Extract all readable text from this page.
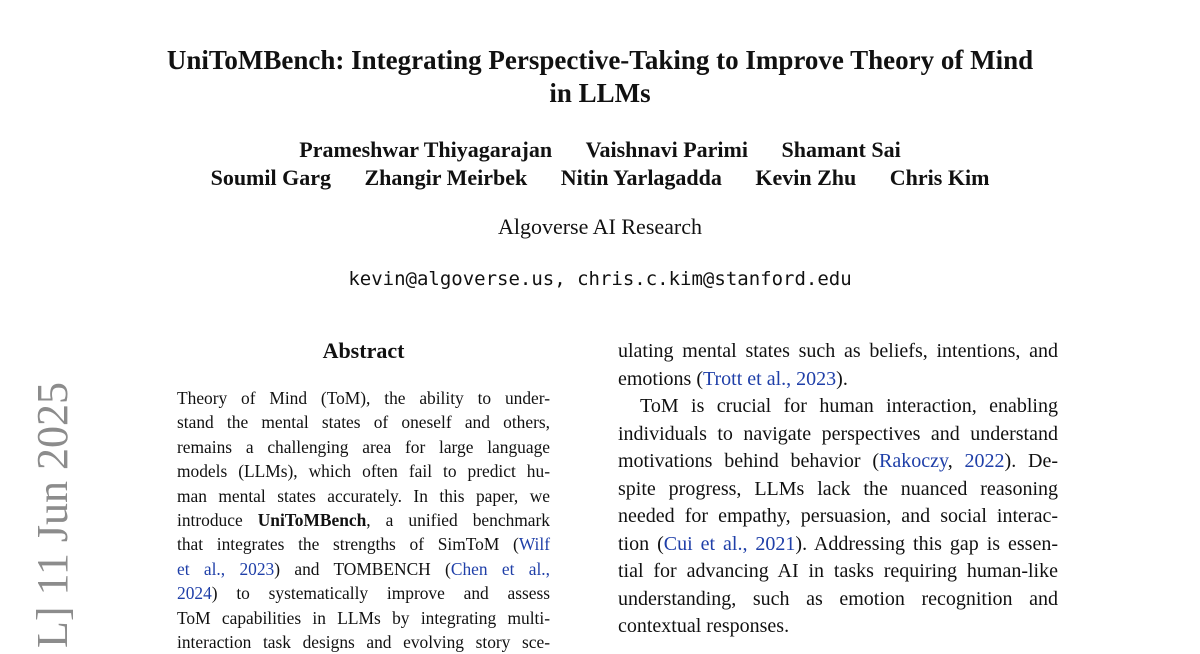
UniToMBench: Integrating Perspective-Taking to Improve Theory of Mind
in LLMs
Prameshwar Thiyagarajan Vaishnavi Parimi Shamant Sai
Soumil Garg Zhangir Meirbek Nitin Yarlagadda Kevin Zhu Chris Kim
Algoverse AI Research
kevin@algoverse.us, chris.c.kim@stanford.edu
Abstract
Theory of Mind (ToM), the ability to under-
stand the mental states of oneself and others,
remains a challenging area for large language
models (LLMs), which often fail to predict hu-
man mental states accurately. In this paper, we
introduce UniToMBench, a unified benchmark
that integrates the strengths of SimToM (Wilf
et al., 2023) and TOMBENCH (Chen et al.,
2024) to systematically improve and assess
ToM capabilities in LLMs by integrating multi-
interaction task designs and evolving story sce-
ulating mental states such as beliefs, intentions, and
emotions (Trott et al., 2023).
ToM is crucial for human interaction, enabling
individuals to navigate perspectives and understand
motivations behind behavior (Rakoczy, 2022). De-
spite progress, LLMs lack the nuanced reasoning
needed for empathy, persuasion, and social interac-
tion (Cui et al., 2021). Addressing this gap is essen-
tial for advancing AI in tasks requiring human-like
understanding, such as emotion recognition and
contextual responses.
L] 11 Jun 2025
